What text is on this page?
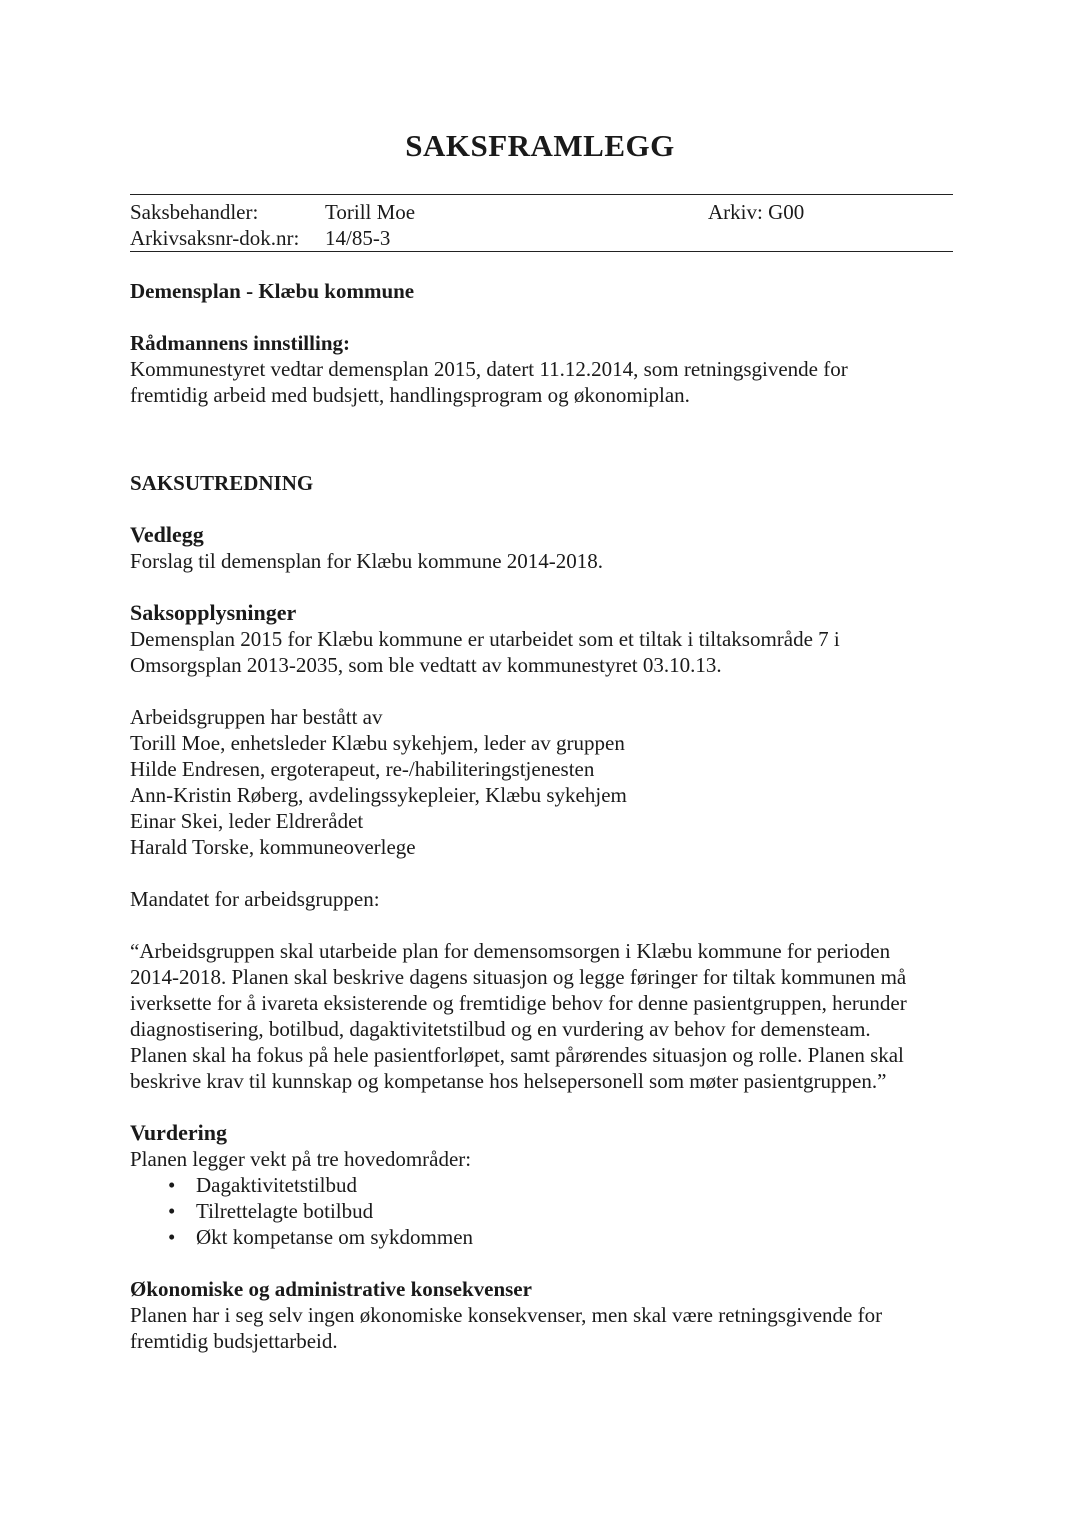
SAKSFRAMLEGG
Saksbehandler:	Torill Moe	Arkiv: G00
Arkivsaksnr-dok.nr: 14/85-3
Demensplan - Klæbu kommune
Rådmannens innstilling:

Kommunestyret vedtar demensplan 2015, datert 11.12.2014, som retningsgivende for

fremtidig arbeid med budsjett, handlingsprogram og økonomiplan.

SAKSUTREDNING
Vedlegg

Forslag til demensplan for Klæbu kommune 2014-2018.

Saksopplysninger

Demensplan 2015 for Klæbu kommune er utarbeidet som et tiltak i tiltaksområde 7 i

Omsorgsplan 2013-2035, som ble vedtatt av kommunestyret 03.10.13.

Arbeidsgruppen har bestått av

Torill Moe, enhetsleder Klæbu sykehjem, leder av gruppen

Hilde Endresen, ergoterapeut, re-/habiliteringstjenesten

Ann-Kristin Røberg, avdelingssykepleier, Klæbu sykehjem

Einar Skei, leder Eldrerådet

Harald Torske, kommuneoverlege

Mandatet for arbeidsgruppen:

“Arbeidsgruppen skal utarbeide plan for demensomsorgen i Klæbu kommune for perioden

2014-2018. Planen skal beskrive dagens situasjon og legge føringer for tiltak kommunen må

iverksette for å ivareta eksisterende og fremtidige behov for denne pasientgruppen, herunder

diagnostisering, botilbud, dagaktivitetstilbud og en vurdering av behov for demensteam.

Planen skal ha fokus på hele pasientforløpet, samt pårørendes situasjon og rolle. Planen skal

beskrive krav til kunnskap og kompetanse hos helsepersonell som møter pasientgruppen.”

Vurdering

Planen legger vekt på tre hovedområder:

• Dagaktivitetstilbud
• Tilrettelagte botilbud
• Økt kompetanse om sykdommen
Økonomiske og administrative konsekvenser

Planen har i seg selv ingen økonomiske konsekvenser, men skal være retningsgivende for

fremtidig budsjettarbeid.
